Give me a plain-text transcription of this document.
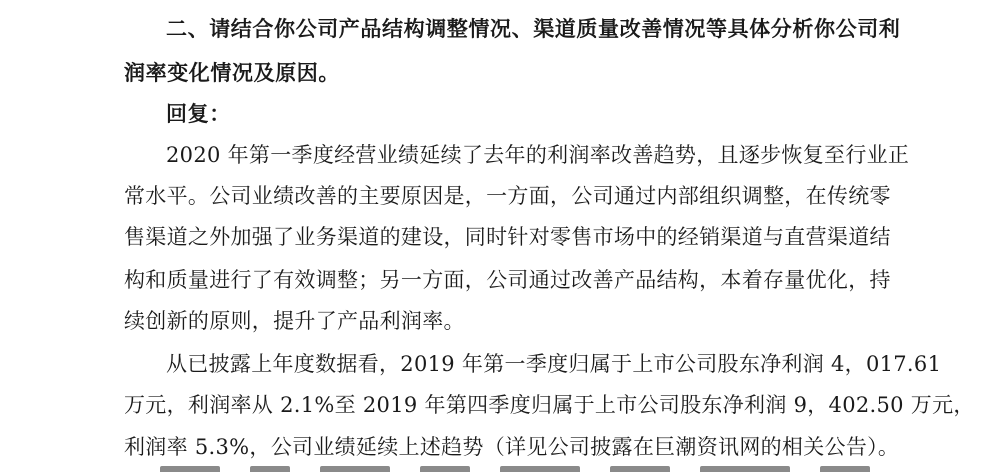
二、请结合你公司产品结构调整情况、渠道质量改善情况等具体分析你公司利
润率变化情况及原因。
回复：
2020 年第一季度经营业绩延续了去年的利润率改善趋势，且逐步恢复至行业正
常水平。公司业绩改善的主要原因是，一方面，公司通过内部组织调整，在传统零
售渠道之外加强了业务渠道的建设，同时针对零售市场中的经销渠道与直营渠道结
构和质量进行了有效调整；另一方面，公司通过改善产品结构，本着存量优化，持
续创新的原则，提升了产品利润率。
从已披露上年度数据看，2019 年第一季度归属于上市公司股东净利润 4，017.61
万元，利润率从 2.1%至 2019 年第四季度归属于上市公司股东净利润 9，402.50 万元，
利润率 5.3%，公司业绩延续上述趋势（详见公司披露在巨潮资讯网的相关公告）。
